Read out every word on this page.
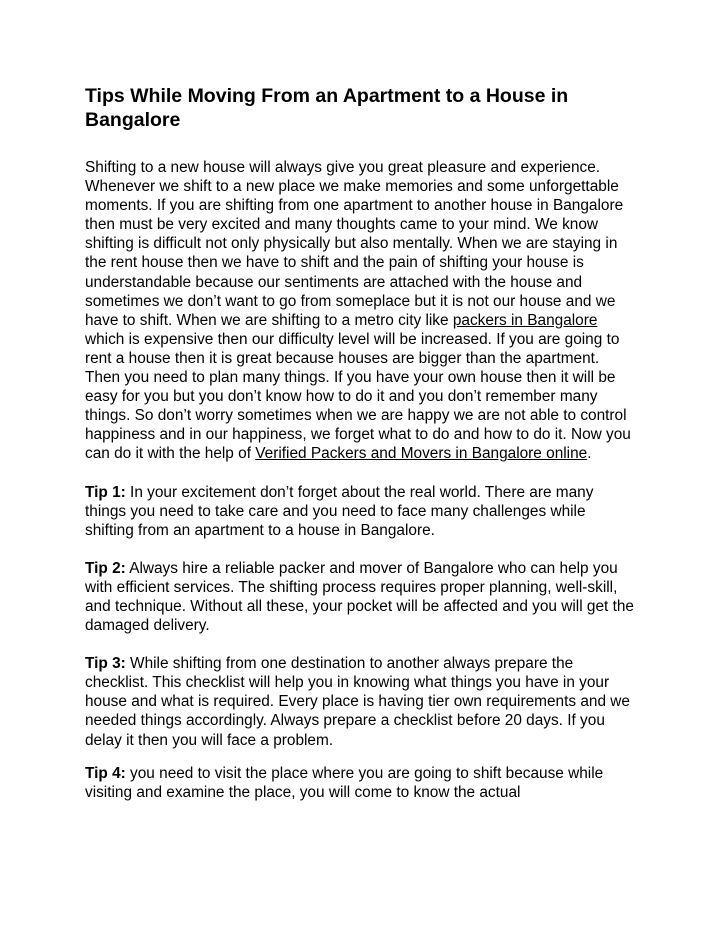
Tips While Moving From an Apartment to a House in Bangalore

Shifting to a new house will always give you great pleasure and experience. Whenever we shift to a new place we make memories and some unforgettable moments. If you are shifting from one apartment to another house in Bangalore then must be very excited and many thoughts came to your mind. We know shifting is difficult not only physically but also mentally. When we are staying in the rent house then we have to shift and the pain of shifting your house is understandable because our sentiments are attached with the house and sometimes we don’t want to go from someplace but it is not our house and we have to shift. When we are shifting to a metro city like packers in Bangalore which is expensive then our difficulty level will be increased. If you are going to rent a house then it is great because houses are bigger than the apartment. Then you need to plan many things. If you have your own house then it will be easy for you but you don’t know how to do it and you don’t remember many things. So don’t worry sometimes when we are happy we are not able to control happiness and in our happiness, we forget what to do and how to do it. Now you can do it with the help of Verified Packers and Movers in Bangalore online.

Tip 1: In your excitement don’t forget about the real world. There are many things you need to take care and you need to face many challenges while shifting from an apartment to a house in Bangalore.

Tip 2: Always hire a reliable packer and mover of Bangalore who can help you with efficient services. The shifting process requires proper planning, well-skill, and technique. Without all these, your pocket will be affected and you will get the damaged delivery.

Tip 3: While shifting from one destination to another always prepare the checklist. This checklist will help you in knowing what things you have in your house and what is required. Every place is having tier own requirements and we needed things accordingly. Always prepare a checklist before 20 days. If you delay it then you will face a problem.

Tip 4: you need to visit the place where you are going to shift because while visiting and examine the place, you will come to know the actual
